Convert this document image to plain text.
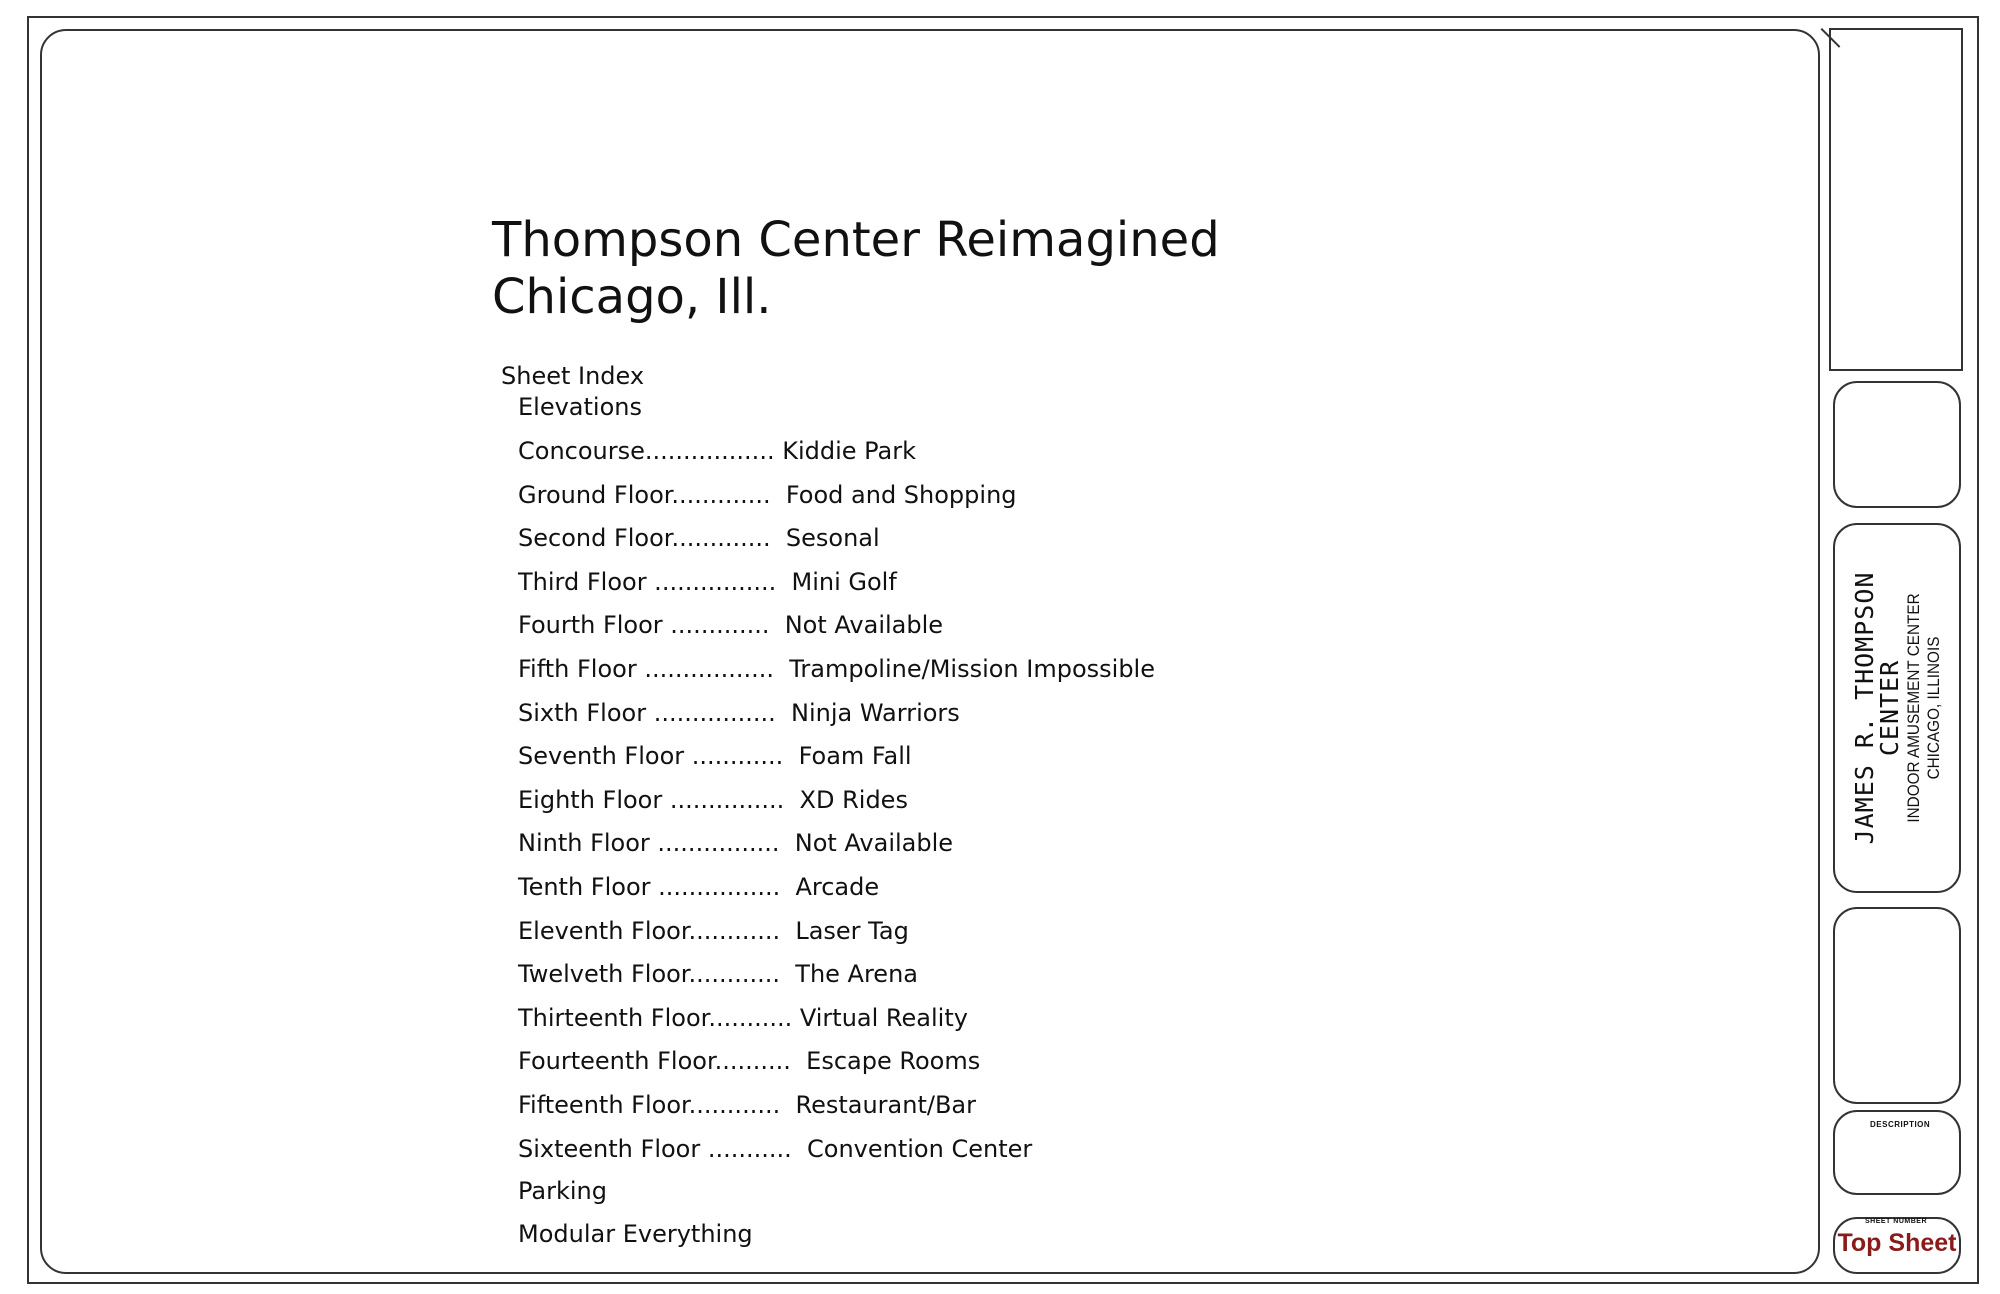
Thompson Center Reimagined
Chicago, Ill.
Sheet Index
Elevations
Concourse................. Kiddie Park
Ground Floor.............  Food and Shopping
Second Floor.............  Sesonal
Third Floor ................  Mini Golf
Fourth Floor .............  Not Available
Fifth Floor .................  Trampoline/Mission Impossible
Sixth Floor ................  Ninja Warriors
Seventh Floor ............  Foam Fall
Eighth Floor ...............  XD Rides
Ninth Floor ................  Not Available
Tenth Floor ................  Arcade
Eleventh Floor............  Laser Tag
Twelveth Floor............  The Arena
Thirteenth Floor........... Virtual Reality
Fourteenth Floor..........  Escape Rooms
Fifteenth Floor............  Restaurant/Bar
Sixteenth Floor ...........  Convention Center
Parking
Modular Everything
JAMES R. THOMPSON
CENTER INDOOR AMUSEMENT CENTER CHICAGO, ILLINOIS
DESCRIPTION
SHEET NUMBER
Top Sheet
